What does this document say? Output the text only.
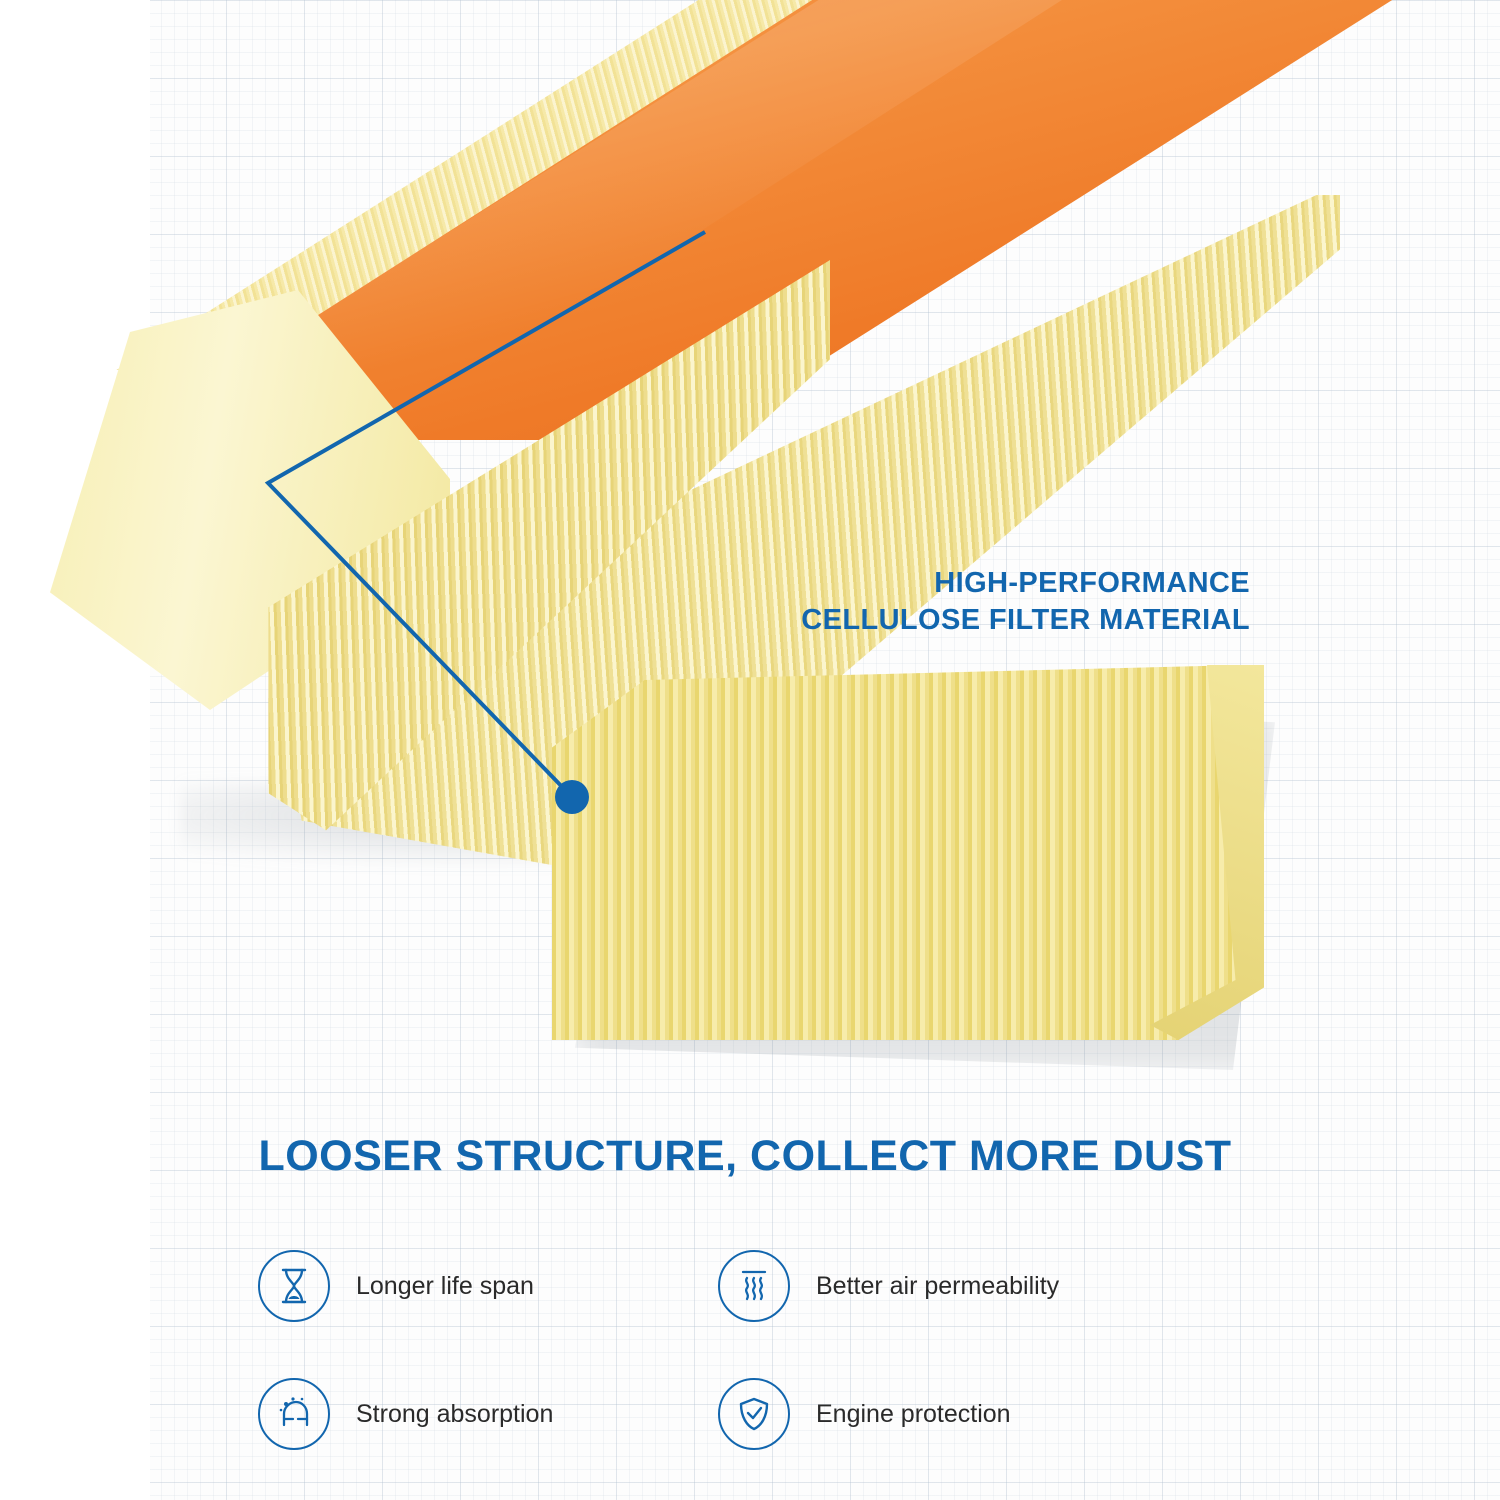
HIGH-PERFORMANCE
CELLULOSE FILTER MATERIAL
LOOSER STRUCTURE, COLLECT MORE DUST
Longer life span	Better air permeability
Strong absorption	Engine protection
